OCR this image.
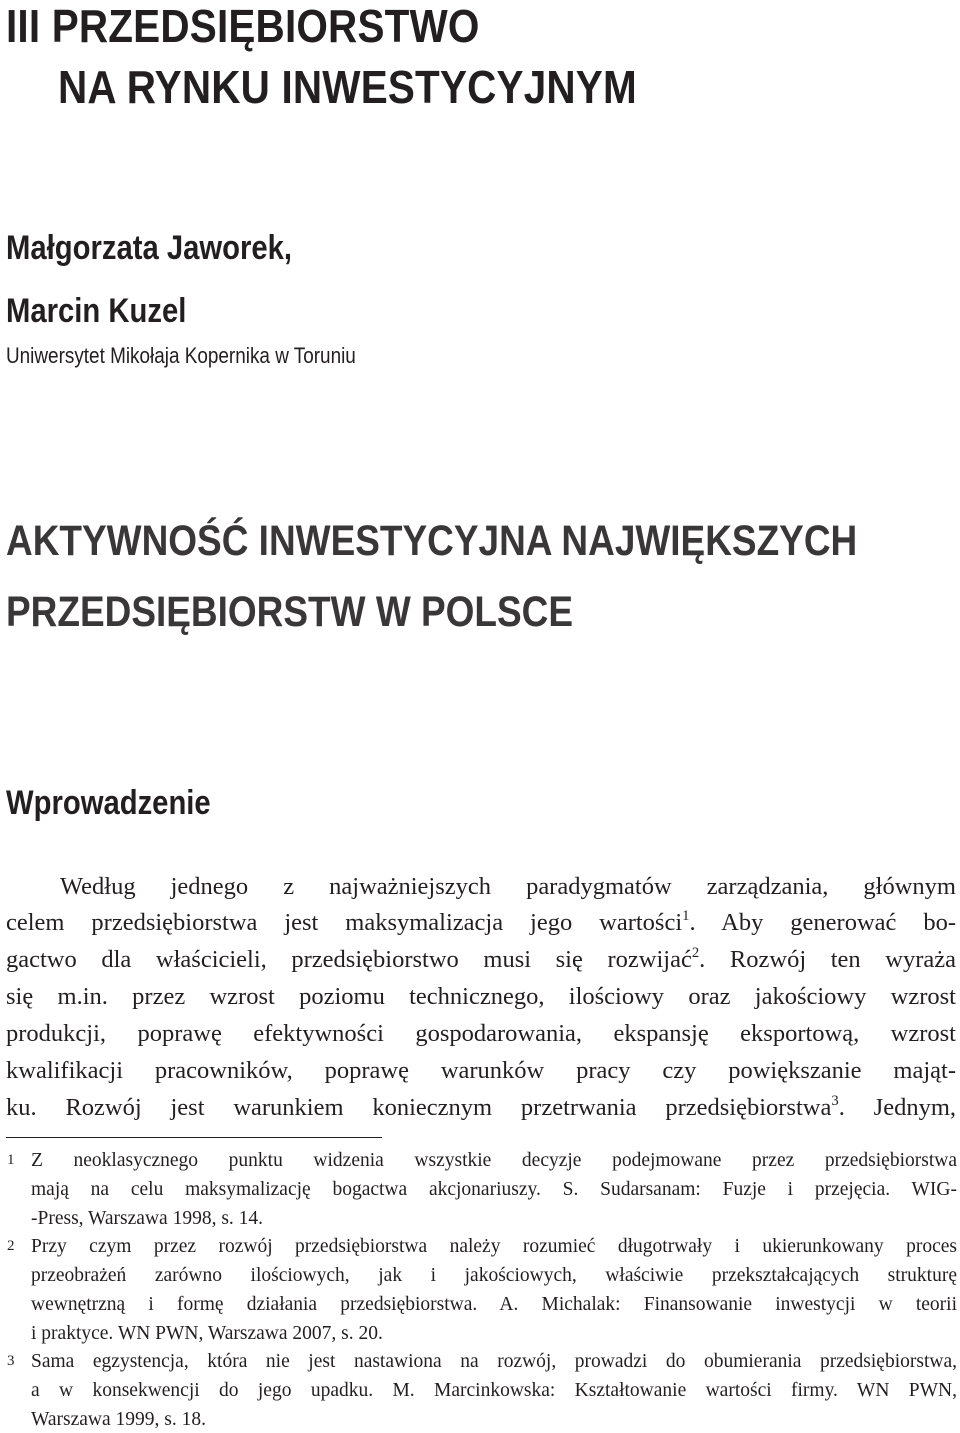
III PRZEDSIĘBIORSTWO
NA RYNKU INWESTYCYJNYM
Małgorzata Jaworek,
Marcin Kuzel
Uniwersytet Mikołaja Kopernika w Toruniu
AKTYWNOŚĆ INWESTYCYJNA NAJWIĘKSZYCH
PRZEDSIĘBIORSTW W POLSCE
Wprowadzenie
Według jednego z najważniejszych paradygmatów zarządzania, głównym
celem przedsiębiorstwa jest maksymalizacja jego wartości$^1$. Aby generować bo-
gactwo dla właścicieli, przedsiębiorstwo musi się rozwijać$^2$. Rozwój ten wyraża
się m.in. przez wzrost poziomu technicznego, ilościowy oraz jakościowy wzrost
produkcji, poprawę efektywności gospodarowania, ekspansję eksportową, wzrost
kwalifikacji pracowników, poprawę warunków pracy czy powiększanie mająt-
ku. Rozwój jest warunkiem koniecznym przetrwania przedsiębiorstwa$^3$. Jednym,
1 Z neoklasycznego punktu widzenia wszystkie decyzje podejmowane przez przedsiębiorstwa
mają na celu maksymalizację bogactwa akcjonariuszy. S. Sudarsanam: Fuzje i przejęcia. WIG-
-Press, Warszawa 1998, s. 14.
2 Przy czym przez rozwój przedsiębiorstwa należy rozumieć długotrwały i ukierunkowany proces
przeobrażeń zarówno ilościowych, jak i jakościowych, właściwie przekształcających strukturę
wewnętrzną i formę działania przedsiębiorstwa. A. Michalak: Finansowanie inwestycji w teorii
i praktyce. WN PWN, Warszawa 2007, s. 20.
3 Sama egzystencja, która nie jest nastawiona na rozwój, prowadzi do obumierania przedsiębiorstwa,
a w konsekwencji do jego upadku. M. Marcinkowska: Kształtowanie wartości firmy. WN PWN,
Warszawa 1999, s. 18.
